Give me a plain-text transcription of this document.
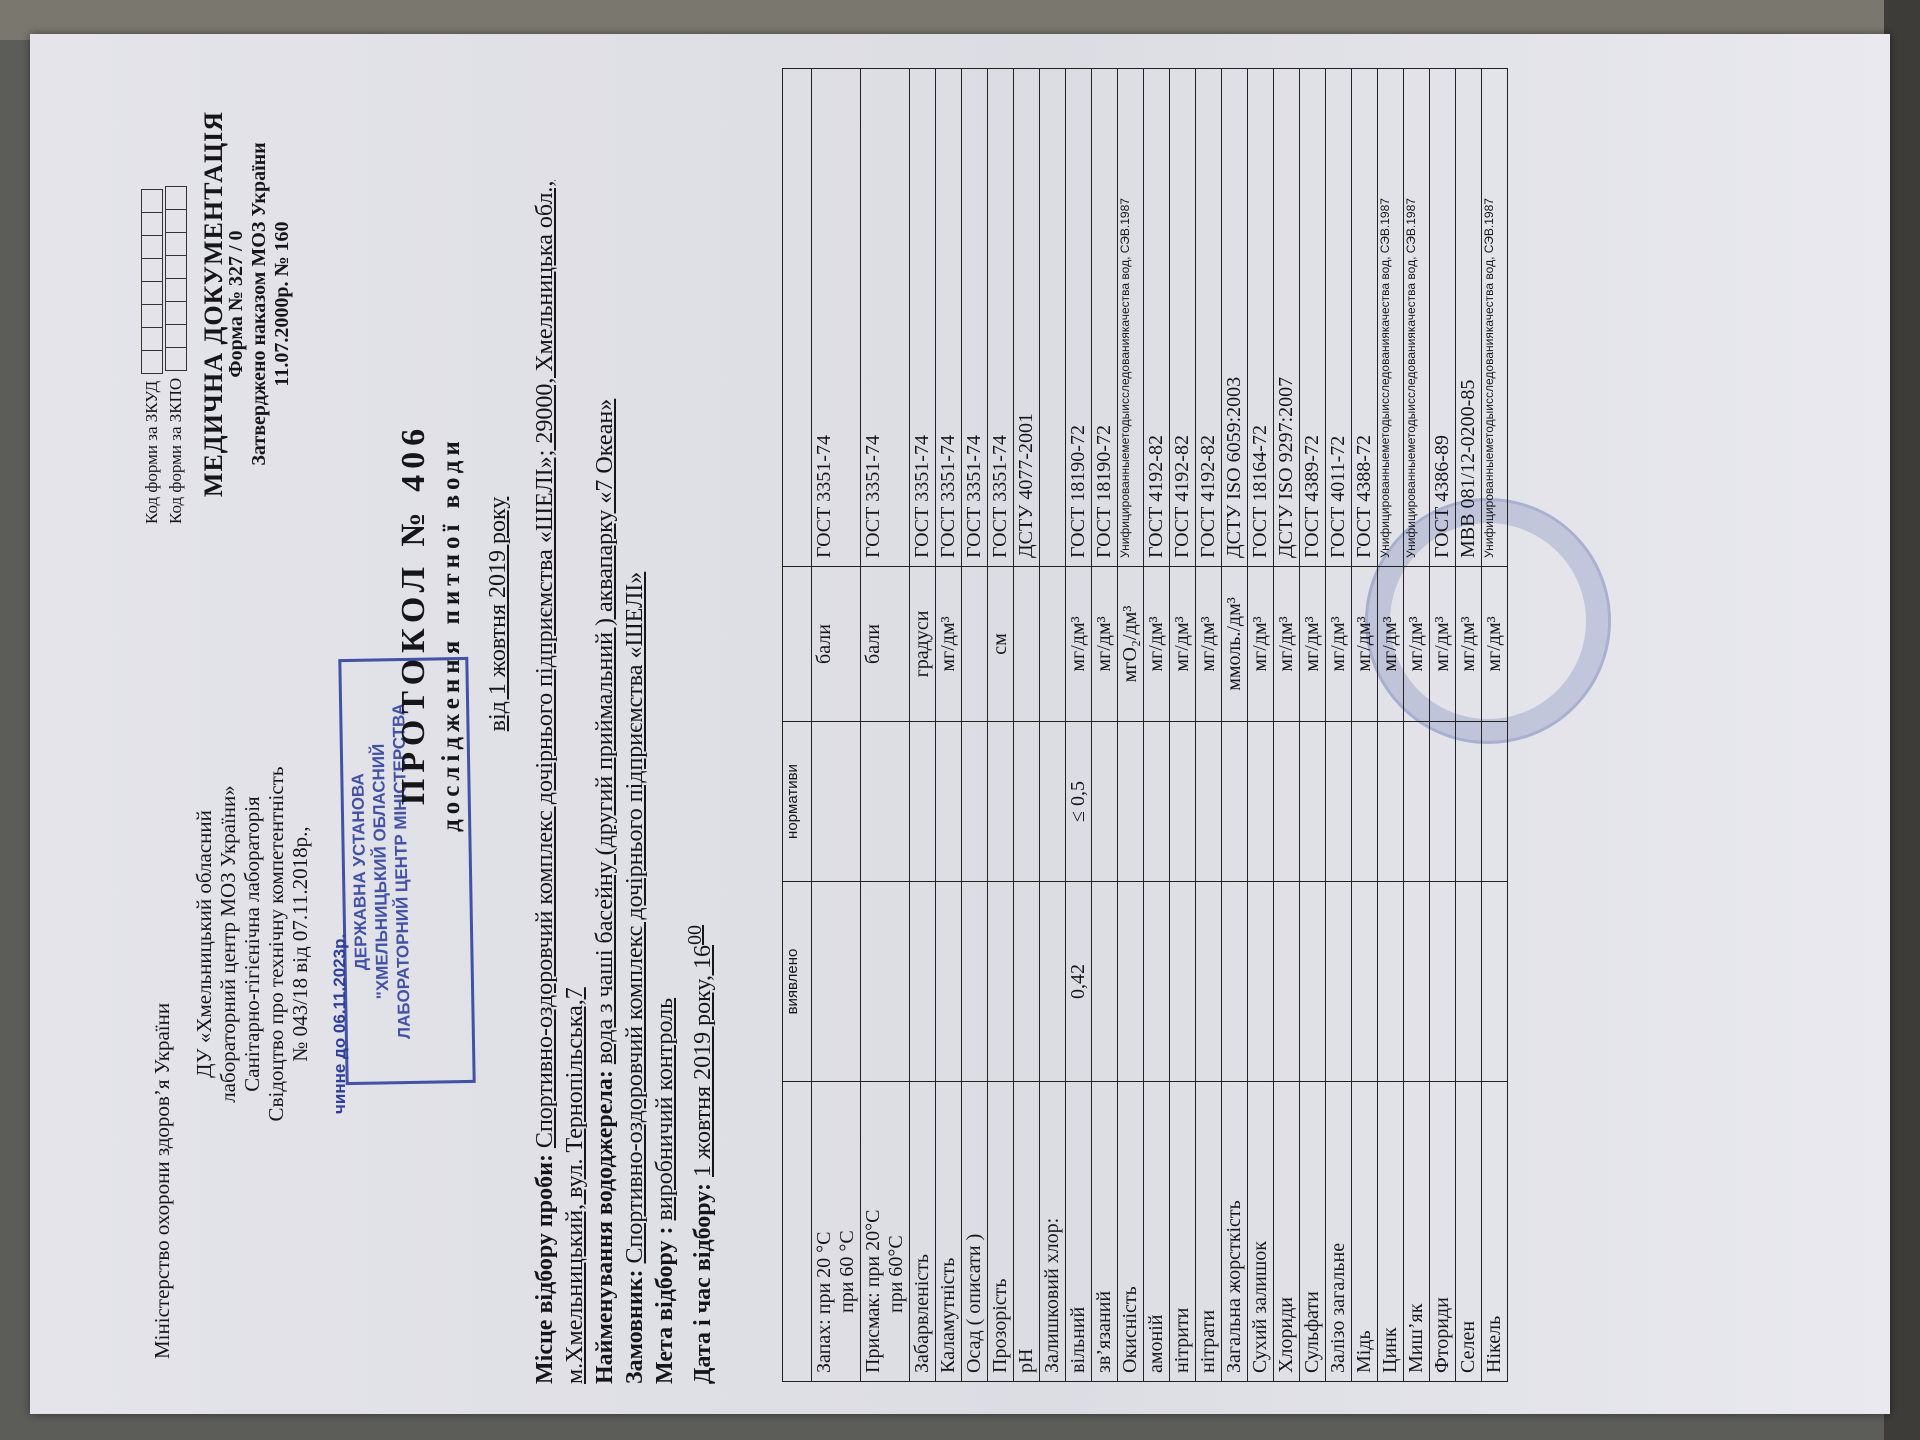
Міністерство охорони здоров’я України
ДУ «Хмельницький обласний лабораторний центр МОЗ України» Санітарно-гігієнічна лабораторія Свідоцтво про технічну компетентність № 043/18 від 07.11.2018р.,
Код форми за ЗКУД Код форми за ЗКПО МЕДИЧНА ДОКУМЕНТАЦІЯ
Форма № 327 / 0 Затверджено наказом МОЗ України 11.07.2000р. № 160
чинне до 06.11.2023р.
ДЕРЖАВНА УСТАНОВА
"ХМЕЛЬНИЦЬКИЙ ОБЛАСНИЙ
ЛАБОРАТОРНИЙ ЦЕНТР МІНІСТЕРСТВА
ПРОТОКОЛ № 406 дослідження питної води від 1 жовтня 2019 року
Місце відбору проби: Спортивно-оздоровчий комплекс дочірнього підприємства «ШЕЛІ»; 29000, Хмельницька обл., м.Хмельницький, вул. Тернопільська,7 Найменування вододжерела: вода з чаші басейну (другий приймальний ) аквапарку «7 Океан»
Замовник: Спортивно-оздоровчий комплекс дочірнього підприємства «ШЕЛІ»
Мета відбору : виробничий контроль
Дата і час відбору: 1 жовтня 2019 року, $16^{00}$
	виявлено	нормативи		
Запах: при 20 °С при 60 °С			бали	ГОСТ 3351-74
Присмак: при 20°С при 60°С			бали	ГОСТ 3351-74
Забарвленість			градуси	ГОСТ 3351-74
Каламутність			мг/дм³	ГОСТ 3351-74
Осад ( описати )				ГОСТ 3351-74
Прозорість			см	ГОСТ 3351-74
pH				ДСТУ 4077-2001
Залишковий хлор:				
вільний	0,42	≤ 0,5	мг/дм³	ГОСТ 18190-72
зв’язаний			мг/дм³	ГОСТ 18190-72
Окисність			мгО₂/дм³	Унифицированныеметодыисследованиякачества вод, СЭВ.1987
амоній			мг/дм³	ГОСТ 4192-82
нітрити			мг/дм³	ГОСТ 4192-82
нітрати			мг/дм³	ГОСТ 4192-82
Загальна жорсткість			ммоль./дм³	ДСТУ ISO 6059:2003
Сухий залишок			мг/дм³	ГОСТ 18164-72
Хлориди			мг/дм³	ДСТУ ISO 9297:2007
Сульфати			мг/дм³	ГОСТ 4389-72
Залізо загальне			мг/дм³	ГОСТ 4011-72
Мідь			мг/дм³	ГОСТ 4388-72
Цинк			мг/дм³	Унифицированныеметодыисследованиякачества вод, СЭВ.1987
Миш’як			мг/дм³	Унифицированныеметодыисследованиякачества вод, СЭВ.1987
Фториди			мг/дм³	ГОСТ 4386-89
Селен			мг/дм³	МВВ 081/12-0200-85
Нікель			мг/дм³	Унифицированныеметодыисследованиякачества вод, СЭВ.1987
